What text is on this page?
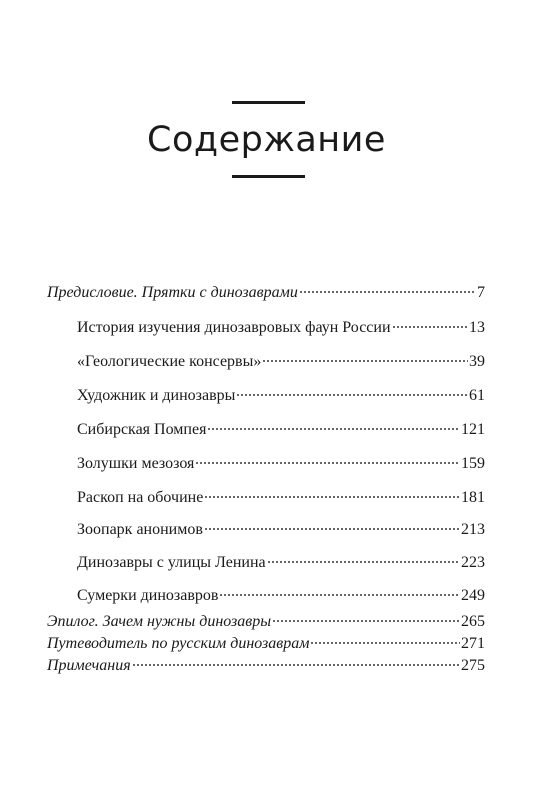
Содержание
Предисловие. Прятки с динозаврами	7
История изучения динозавровых фаун России	13
«Геологические консервы»	39
Художник и динозавры	61
Сибирская Помпея	121
Золушки мезозоя	159
Раскоп на обочине	181
Зоопарк анонимов	213
Динозавры с улицы Ленина	223
Сумерки динозавров	249
Эпилог. Зачем нужны динозавры	265
Путеводитель по русским динозаврам	271
Примечания	275
